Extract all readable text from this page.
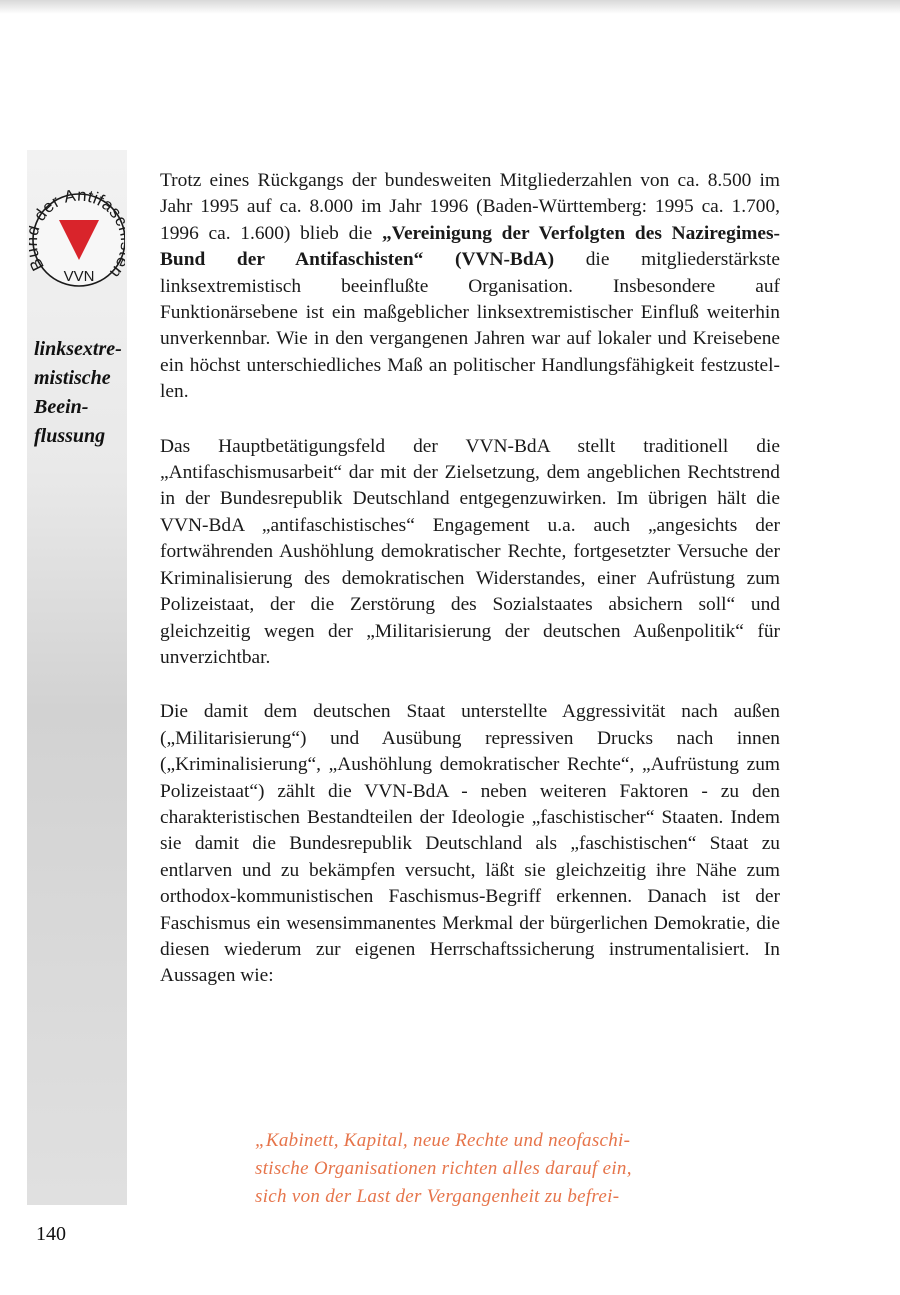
der Antifas n
VVN
linksextre-
mistische
Beein-
flussung

Trotz eines Rückgangs der bundesweiten Mitgliederzahlen von ca. 8.500 im Jahr 1995 auf ca. 8.000 im Jahr 1996 (Baden-Württemberg: 1995 ca. 1.700, 1996 ca. 1.600) blieb die „Vereinigung der Verfolgten des Naziregimes-Bund der Antifaschisten“ (VVN-BdA) die mitgliederstärkste linksextremistisch beeinflußte Organisation. Insbesondere auf Funktionärsebene ist ein maßgeblicher linksextremistischer Einfluß weiterhin unverkennbar. Wie in den vergangenen Jahren war auf lokaler und Kreisebene ein höchst unterschiedliches Maß an politischer Handlungsfähigkeit festzustellen.

Das Hauptbetätigungsfeld der VVN-BdA stellt traditionell die „Antifaschismusarbeit“ dar mit der Zielsetzung, dem angeblichen Rechtstrend in der Bundesrepublik Deutschland entgegenzuwirken. Im übrigen hält die VVN-BdA „antifaschistisches“ Engagement u.a. auch „angesichts der fortwährenden Aushöhlung demokratischer Rechte, fortgesetzter Versuche der Kriminalisierung des demokratischen Widerstandes, einer Aufrüstung zum Polizeistaat, der die Zerstörung des Sozialstaates absichern soll“ und gleichzeitig wegen der „Militarisierung der deutschen Außenpolitik“ für unverzichtbar.

Die damit dem deutschen Staat unterstellte Aggressivität nach außen („Militarisierung“) und Ausübung repressiven Drucks nach innen („Kriminalisierung“, „Aushöhlung demokratischer Rechte“, „Aufrüstung zum Polizeistaat“) zählt die VVN-BdA - neben weiteren Faktoren - zu den charakteristischen Bestandteilen der Ideologie „faschistischer“ Staaten. Indem sie damit die Bundesrepublik Deutschland als „faschistischen“ Staat zu entlarven und zu bekämpfen versucht, läßt sie gleichzeitig ihre Nähe zum orthodox-kommunistischen Faschismus-Begriff erkennen. Danach ist der Faschismus ein wesensimmanentes Merkmal der bürgerlichen Demokratie, die diesen wiederum zur eigenen Herrschaftssicherung instrumentalisiert. In Aussagen wie:

„Kabinett, Kapital, neue Rechte und neofaschi-
stische Organisationen richten alles darauf ein,
sich von der Last der Vergangenheit zu befrei-
140
